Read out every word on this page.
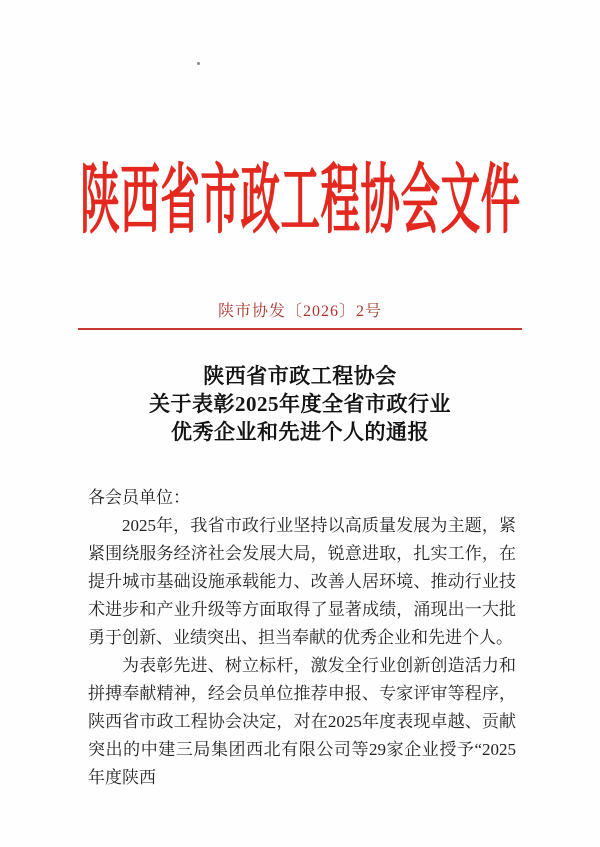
陕西省市政工程协会文件
陕市协发〔2026〕2号
陕西省市政工程协会
关于表彰2025年度全省市政行业
优秀企业和先进个人的通报

各会员单位：

2025年，我省市政行业坚持以高质量发展为主题，紧紧围绕服务经济社会发展大局，锐意进取，扎实工作，在提升城市基础设施承载能力、改善人居环境、推动行业技术进步和产业升级等方面取得了显著成绩，涌现出一大批勇于创新、业绩突出、担当奉献的优秀企业和先进个人。

为表彰先进、树立标杆，激发全行业创新创造活力和拼搏奉献精神，经会员单位推荐申报、专家评审等程序，陕西省市政工程协会决定，对在2025年度表现卓越、贡献突出的中建三局集团西北有限公司等29家企业授予“2025年度陕西
